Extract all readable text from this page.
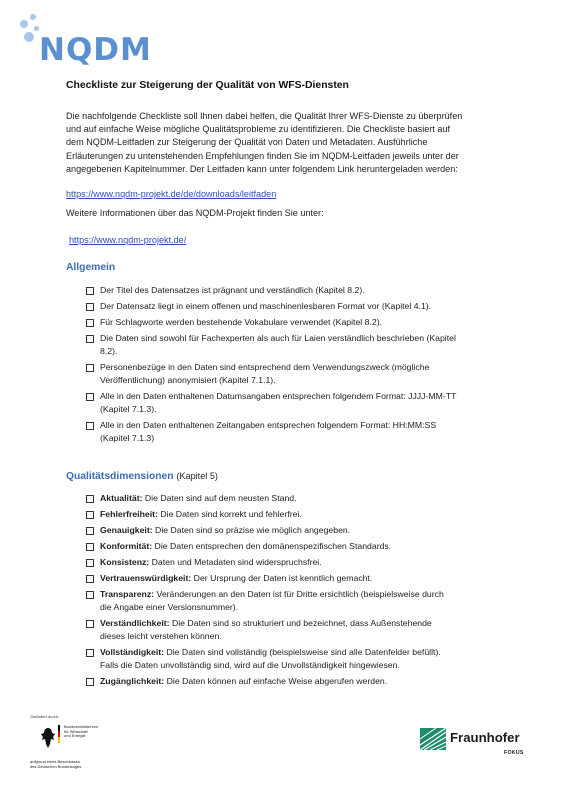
NQDM
Checkliste zur Steigerung der Qualität von WFS-Diensten
Die nachfolgende Checkliste soll Ihnen dabei helfen, die Qualität Ihrer WFS-Dienste zu überprüfen
und auf einfache Weise mögliche Qualitätsprobleme zu identifizieren. Die Checkliste basiert auf
dem NQDM-Leitfaden zur Steigerung der Qualität von Daten und Metadaten. Ausführliche
Erläuterungen zu untenstehenden Empfehlungen finden Sie im NQDM-Leitfaden jeweils unter der
angegebenen Kapitelnummer. Der Leitfaden kann unter folgendem Link heruntergeladen werden:
https://www.nqdm-projekt.de/de/downloads/leitfaden
Weitere Informationen über das NQDM-Projekt finden Sie unter:
https://www.nqdm-projekt.de/
Allgemein
Der Titel des Datensatzes ist prägnant und verständlich (Kapitel 8.2).
Der Datensatz liegt in einem offenen und maschinenlesbaren Format vor (Kapitel 4.1).
Für Schlagworte werden bestehende Vokabulare verwendet (Kapitel 8.2).
Die Daten sind sowohl für Fachexperten als auch für Laien verständlich beschrieben (Kapitel
8.2).
Personenbezüge in den Daten sind entsprechend dem Verwendungszweck (mögliche
Veröffentlichung) anonymisiert (Kapitel 7.1.1).
Alle in den Daten enthaltenen Datumsangaben entsprechen folgendem Format: JJJJ-MM-TT
(Kapitel 7.1.3).
Alle in den Daten enthaltenen Zeitangaben entsprechen folgendem Format: HH:MM:SS
(Kapitel 7.1.3)
Qualitätsdimensionen (Kapitel 5)
Aktualität: Die Daten sind auf dem neusten Stand.
Fehlerfreiheit: Die Daten sind korrekt und fehlerfrei.
Genauigkeit: Die Daten sind so präzise wie möglich angegeben.
Konformität: Die Daten entsprechen den domänenspezifischen Standards.
Konsistenz: Daten und Metadaten sind widerspruchsfrei.
Vertrauenswürdigkeit: Der Ursprung der Daten ist kenntlich gemacht.
Transparenz: Veränderungen an den Daten ist für Dritte ersichtlich (beispielsweise durch
die Angabe einer Versionsnummer).
Verständlichkeit: Die Daten sind so strukturiert und bezeichnet, dass Außenstehende
dieses leicht verstehen können.
Vollständigkeit: Die Daten sind vollständig (beispielsweise sind alle Datenfelder befüllt).
Falls die Daten unvollständig sind, wird auf die Unvollständigkeit hingewiesen.
Zugänglichkeit: Die Daten können auf einfache Weise abgerufen werden.
Gefördert durch:
Bundesministerium
für Wirtschaft
und Energie
aufgrund eines Beschlusses
des Deutschen Bundestages
Fraunhofer
FOKUS
